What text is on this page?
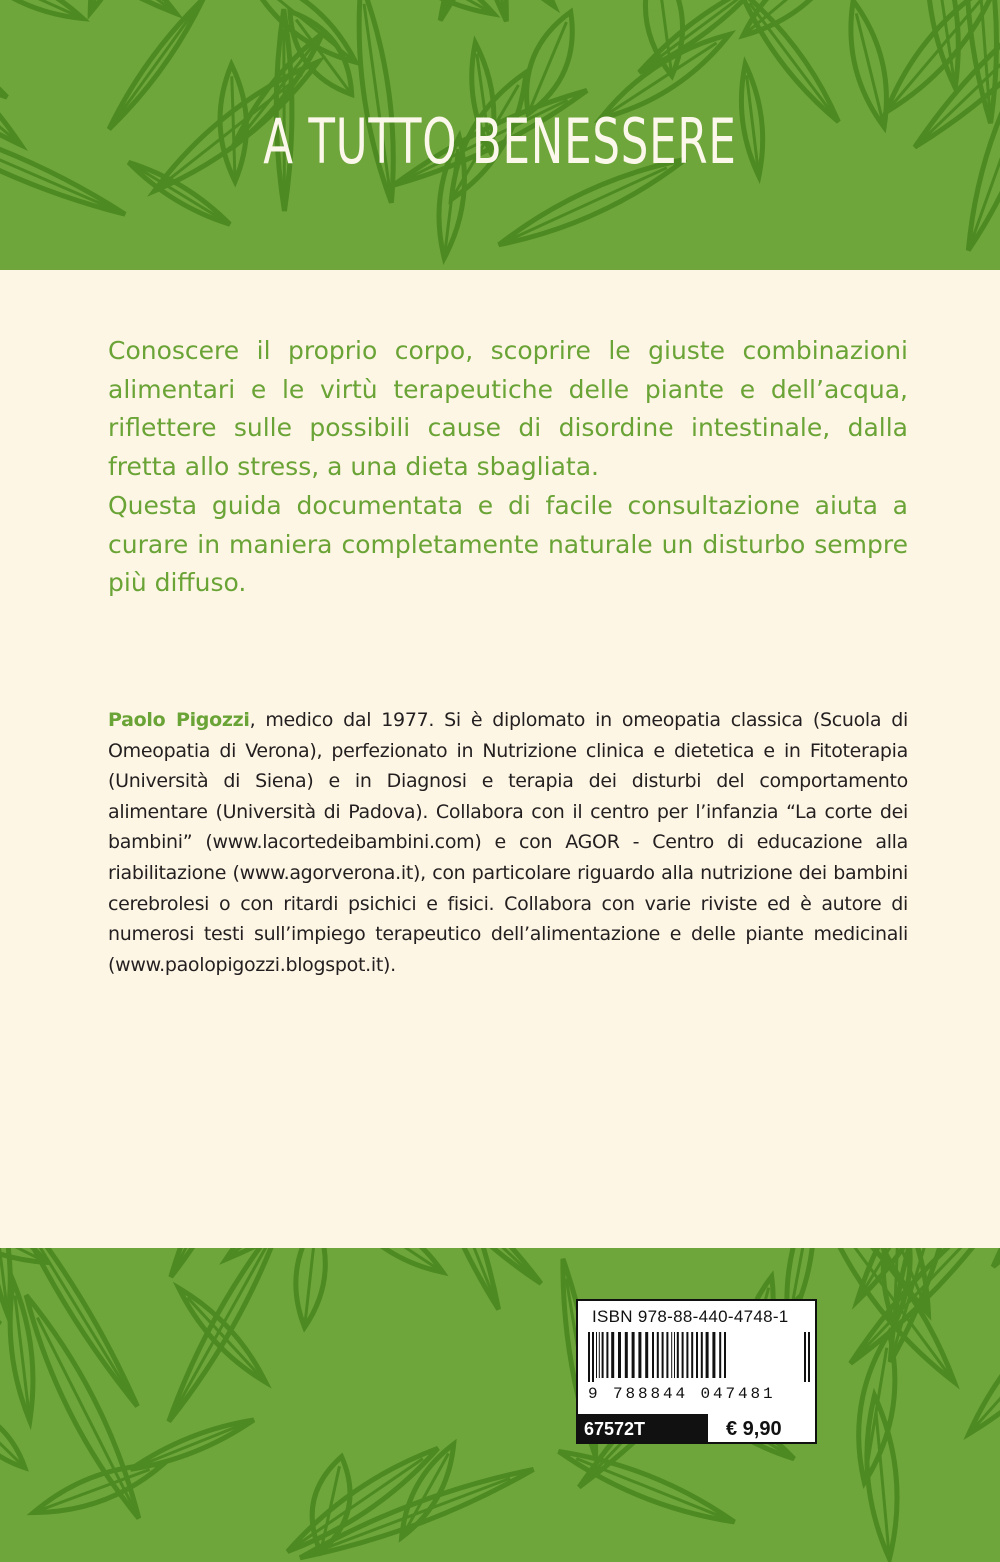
A TUTTO BENESSERE

Conoscere il proprio corpo, scoprire le giuste combinazioni alimentari e le virtù terapeutiche delle piante e dell’acqua, riflettere sulle possibili cause di disordine intestinale, dalla fretta allo stress, a una dieta sbagliata.

Questa guida documentata e di facile consultazione aiuta a curare in maniera completamente naturale un disturbo sempre più diffuso.

Paolo Pigozzi, medico dal 1977. Si è diplomato in omeopatia classica (Scuola di Omeopatia di Verona), perfezionato in Nutrizione clinica e dietetica e in Fitoterapia (Università di Siena) e in Diagnosi e terapia dei disturbi del comportamento alimentare (Università di Padova). Collabora con il centro per l’infanzia “La corte dei bambini” (www.lacortedeibambini.com) e con AGOR - Centro di educazione alla riabilitazione (www.agorverona.it), con particolare riguardo alla nutrizione dei bambini cerebrolesi o con ritardi psichici e fisici. Collabora con varie riviste ed è autore di numerosi testi sull’impiego terapeutico dell’alimentazione e delle piante medicinali (www.paolopigozzi.blogspot.it).

ISBN 978-88-440-4748-1
9 788844 047481
67572T	€ 9,90
